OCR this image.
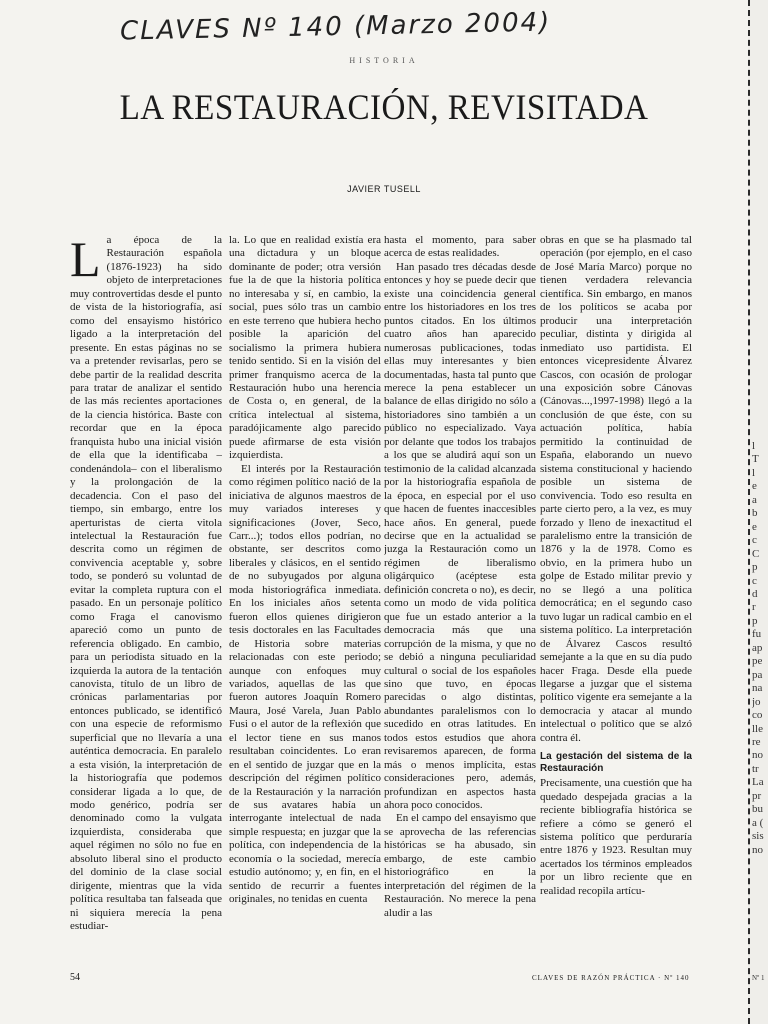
CLAVES Nº 140 (Marzo 2004)
HISTORIA
LA RESTAURACIÓN, REVISITADA
JAVIER TUSELL

La época de la Restauración española (1876-1923) ha sido objeto de interpretaciones muy controvertidas desde el punto de vista de la historiografía, así como del ensayismo histórico ligado a la interpretación del presente. En estas páginas no se va a pretender revisarlas, pero se debe partir de la realidad descrita para tratar de analizar el sentido de las más recientes aportaciones de la ciencia histórica. Baste con recordar que en la época franquista hubo una inicial visión de ella que la identificaba –condenándola– con el liberalismo y la prolongación de la decadencia. Con el paso del tiempo, sin embargo, entre los aperturistas de cierta vitola intelectual la Restauración fue descrita como un régimen de convivencia aceptable y, sobre todo, se ponderó su voluntad de evitar la completa ruptura con el pasado. En un personaje político como Fraga el canovismo apareció como un punto de referencia obligado. En cambio, para un periodista situado en la izquierda la autora de la tentación canovista, título de un libro de crónicas parlamentarias por entonces publicado, se identificó con una especie de reformismo superficial que no llevaría a una auténtica democracia. En paralelo a esta visión, la interpretación de la historiografía que podemos considerar ligada a lo que, de modo genérico, podría ser denominado como la vulgata izquierdista, consideraba que aquel régimen no sólo no fue en absoluto liberal sino el producto del dominio de la clase social dirigente, mientras que la vida política resultaba tan falseada que ni siquiera merecía la pena estudiar-

la. Lo que en realidad existía era una dictadura y un bloque dominante de poder; otra versión fue la de que la historia política no interesaba y sí, en cambio, la social, pues sólo tras un cambio en este terreno que hubiera hecho posible la aparición del socialismo la primera hubiera tenido sentido. Si en la visión del primer franquismo acerca de la Restauración hubo una herencia de Costa o, en general, de la crítica intelectual al sistema, paradójicamente algo parecido puede afirmarse de esta visión izquierdista.

El interés por la Restauración como régimen político nació de la iniciativa de algunos maestros de muy variados intereses y significaciones (Jover, Seco, Carr...); todos ellos podrían, no obstante, ser descritos como liberales y clásicos, en el sentido de no subyugados por alguna moda historiográfica inmediata. En los iniciales años setenta fueron ellos quienes dirigieron tesis doctorales en las Facultades de Historia sobre materias relacionadas con este periodo; aunque con enfoques muy variados, aquellas de las que fueron autores Joaquín Romero Maura, José Varela, Juan Pablo Fusi o el autor de la reflexión que el lector tiene en sus manos resultaban coincidentes. Lo eran en el sentido de juzgar que en la descripción del régimen político de la Restauración y la narración de sus avatares había un interrogante intelectual de nada simple respuesta; en juzgar que la política, con independencia de la economía o la sociedad, merecía estudio autónomo; y, en fin, en el sentido de recurrir a fuentes originales, no tenidas en cuenta

hasta el momento, para saber acerca de estas realidades.

Han pasado tres décadas desde entonces y hoy se puede decir que existe una coincidencia general entre los historiadores en los tres puntos citados. En los últimos cuatro años han aparecido numerosas publicaciones, todas ellas muy interesantes y bien documentadas, hasta tal punto que merece la pena establecer un balance de ellas dirigido no sólo a historiadores sino también a un público no especializado. Vaya por delante que todos los trabajos a los que se aludirá aquí son un testimonio de la calidad alcanzada por la historiografía española de la época, en especial por el uso que hacen de fuentes inaccesibles hace años. En general, puede decirse que en la actualidad se juzga la Restauración como un régimen de liberalismo oligárquico (acéptese esta definición concreta o no), es decir, como un modo de vida política que fue un estado anterior a la democracia más que una corrupción de la misma, y que no se debió a ninguna peculiaridad cultural o social de los españoles sino que tuvo, en épocas parecidas o algo distintas, abundantes paralelismos con lo sucedido en otras latitudes. En todos estos estudios que ahora revisaremos aparecen, de forma más o menos implícita, estas consideraciones pero, además, profundizan en aspectos hasta ahora poco conocidos.

En el campo del ensayismo que se aprovecha de las referencias históricas se ha abusado, sin embargo, de este cambio historiográfico en la interpretación del régimen de la Restauración. No merece la pena aludir a las

obras en que se ha plasmado tal operación (por ejemplo, en el caso de José María Marco) porque no tienen verdadera relevancia científica. Sin embargo, en manos de los políticos se acaba por producir una interpretación peculiar, distinta y dirigida al inmediato uso partidista. El entonces vicepresidente Álvarez Cascos, con ocasión de prologar una exposición sobre Cánovas (Cánovas...,1997-1998) llegó a la conclusión de que éste, con su actuación política, había permitido la continuidad de España, elaborando un nuevo sistema constitucional y haciendo posible un sistema de convivencia. Todo eso resulta en parte cierto pero, a la vez, es muy forzado y lleno de inexactitud el paralelismo entre la transición de 1876 y la de 1978. Como es obvio, en la primera hubo un golpe de Estado militar previo y no se llegó a una política democrática; en el segundo caso tuvo lugar un radical cambio en el sistema político. La interpretación de Álvarez Cascos resultó semejante a la que en su día pudo hacer Fraga. Desde ella puede llegarse a juzgar que el sistema político vigente era semejante a la democracia y atacar al mundo intelectual o político que se alzó contra él.

La gestación del sistema de la Restauración

Precisamente, una cuestión que ha quedado despejada gracias a la reciente bibliografía histórica se refiere a cómo se generó el sistema político que perduraría entre 1876 y 1923. Resultan muy acertados los términos empleados por un libro reciente que en realidad recopila artícu-

54	CLAVES DE RAZÓN PRÁCTICA · Nº 140
l
T
l
e
a
b
e
c
C
p
c
d
r
p
fu
ap
pe
pa
na
jo
co
lle
re
no
tr
La
pr
bu
a (
sis
no
Nº 1
